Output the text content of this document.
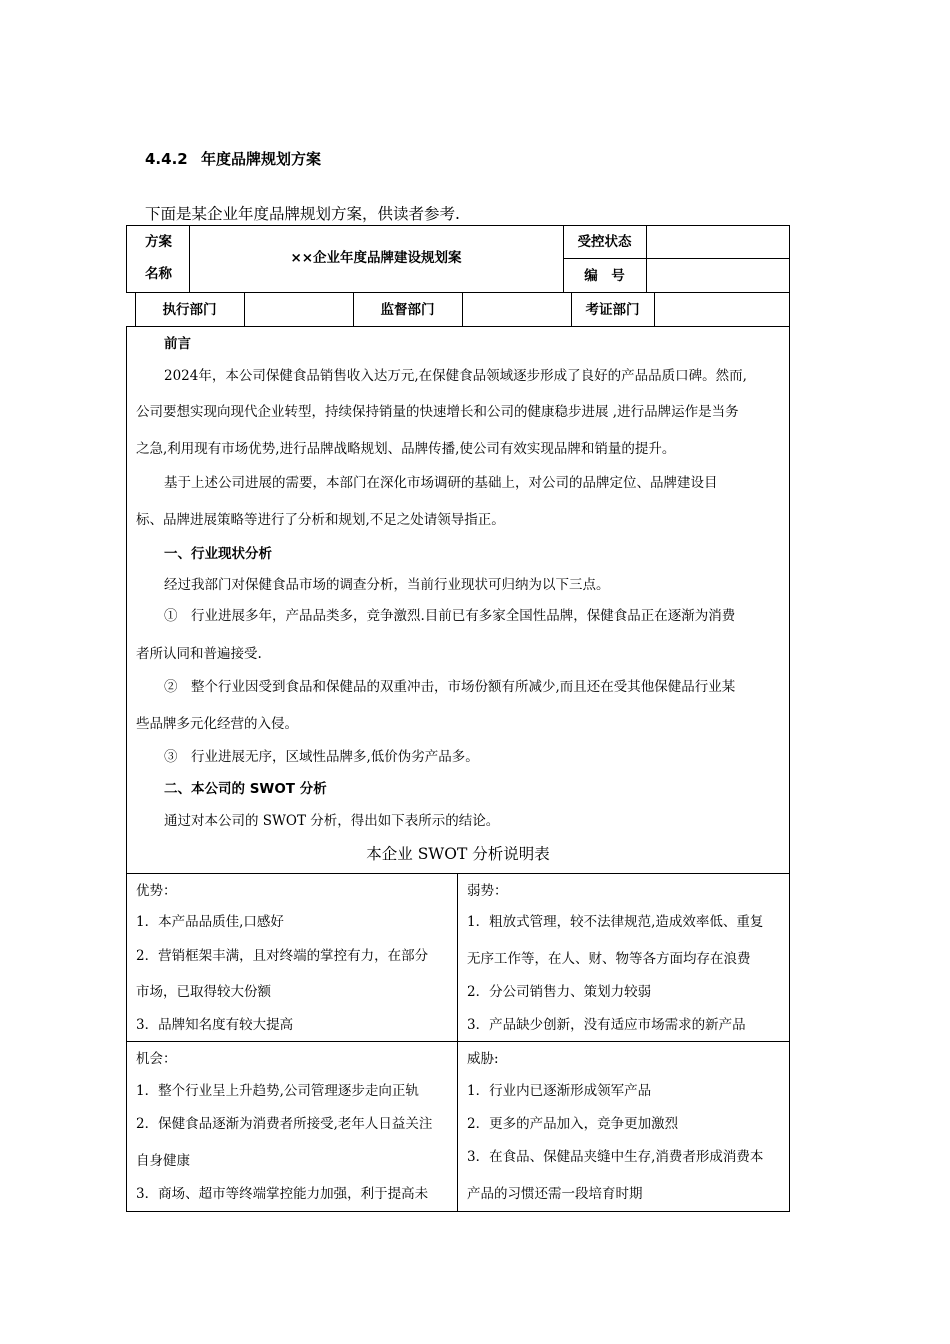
4.4.2 年度品牌规划方案
下面是某企业年度品牌规划方案，供读者参考.
方案
名称
××企业年度品牌建设规划案
受控状态
编　号
执行部门	监督部门	考证部门
前言
2024年，本公司保健食品销售收入达万元,在保健食品领域逐步形成了良好的产品品质口碑。然而,
公司要想实现向现代企业转型，持续保持销量的快速增长和公司的健康稳步进展 ,进行品牌运作是当务
之急,利用现有市场优势,进行品牌战略规划、品牌传播,使公司有效实现品牌和销量的提升。
基于上述公司进展的需要，本部门在深化市场调研的基础上，对公司的品牌定位、品牌建设目
标、品牌进展策略等进行了分析和规划,不足之处请领导指正。
一、行业现状分析
经过我部门对保健食品市场的调查分析，当前行业现状可归纳为以下三点。
①　行业进展多年，产品品类多，竞争激烈.目前已有多家全国性品牌，保健食品正在逐渐为消费
者所认同和普遍接受.
②　整个行业因受到食品和保健品的双重冲击，市场份额有所减少,而且还在受其他保健品行业某
些品牌多元化经营的入侵。
③　行业进展无序，区域性品牌多,低价伪劣产品多。
二、本公司的 SWOT 分析
通过对本公司的 SWOT 分析，得出如下表所示的结论。
本企业 SWOT 分析说明表
优势：
1．本产品品质佳,口感好
2．营销框架丰满，且对终端的掌控有力，在部分
市场，已取得较大份额
3．品牌知名度有较大提高
弱势：
1．粗放式管理，较不法律规范,造成效率低、重复
无序工作等，在人、财、物等各方面均存在浪费
2．分公司销售力、策划力较弱
3．产品缺少创新，没有适应市场需求的新产品
机会：
1．整个行业呈上升趋势,公司管理逐步走向正轨
2．保健食品逐渐为消费者所接受,老年人日益关注
自身健康
3．商场、超市等终端掌控能力加强，利于提高未
威胁:
1．行业内已逐渐形成领军产品
2．更多的产品加入，竞争更加激烈
3．在食品、保健品夹缝中生存,消费者形成消费本
产品的习惯还需一段培育时期
